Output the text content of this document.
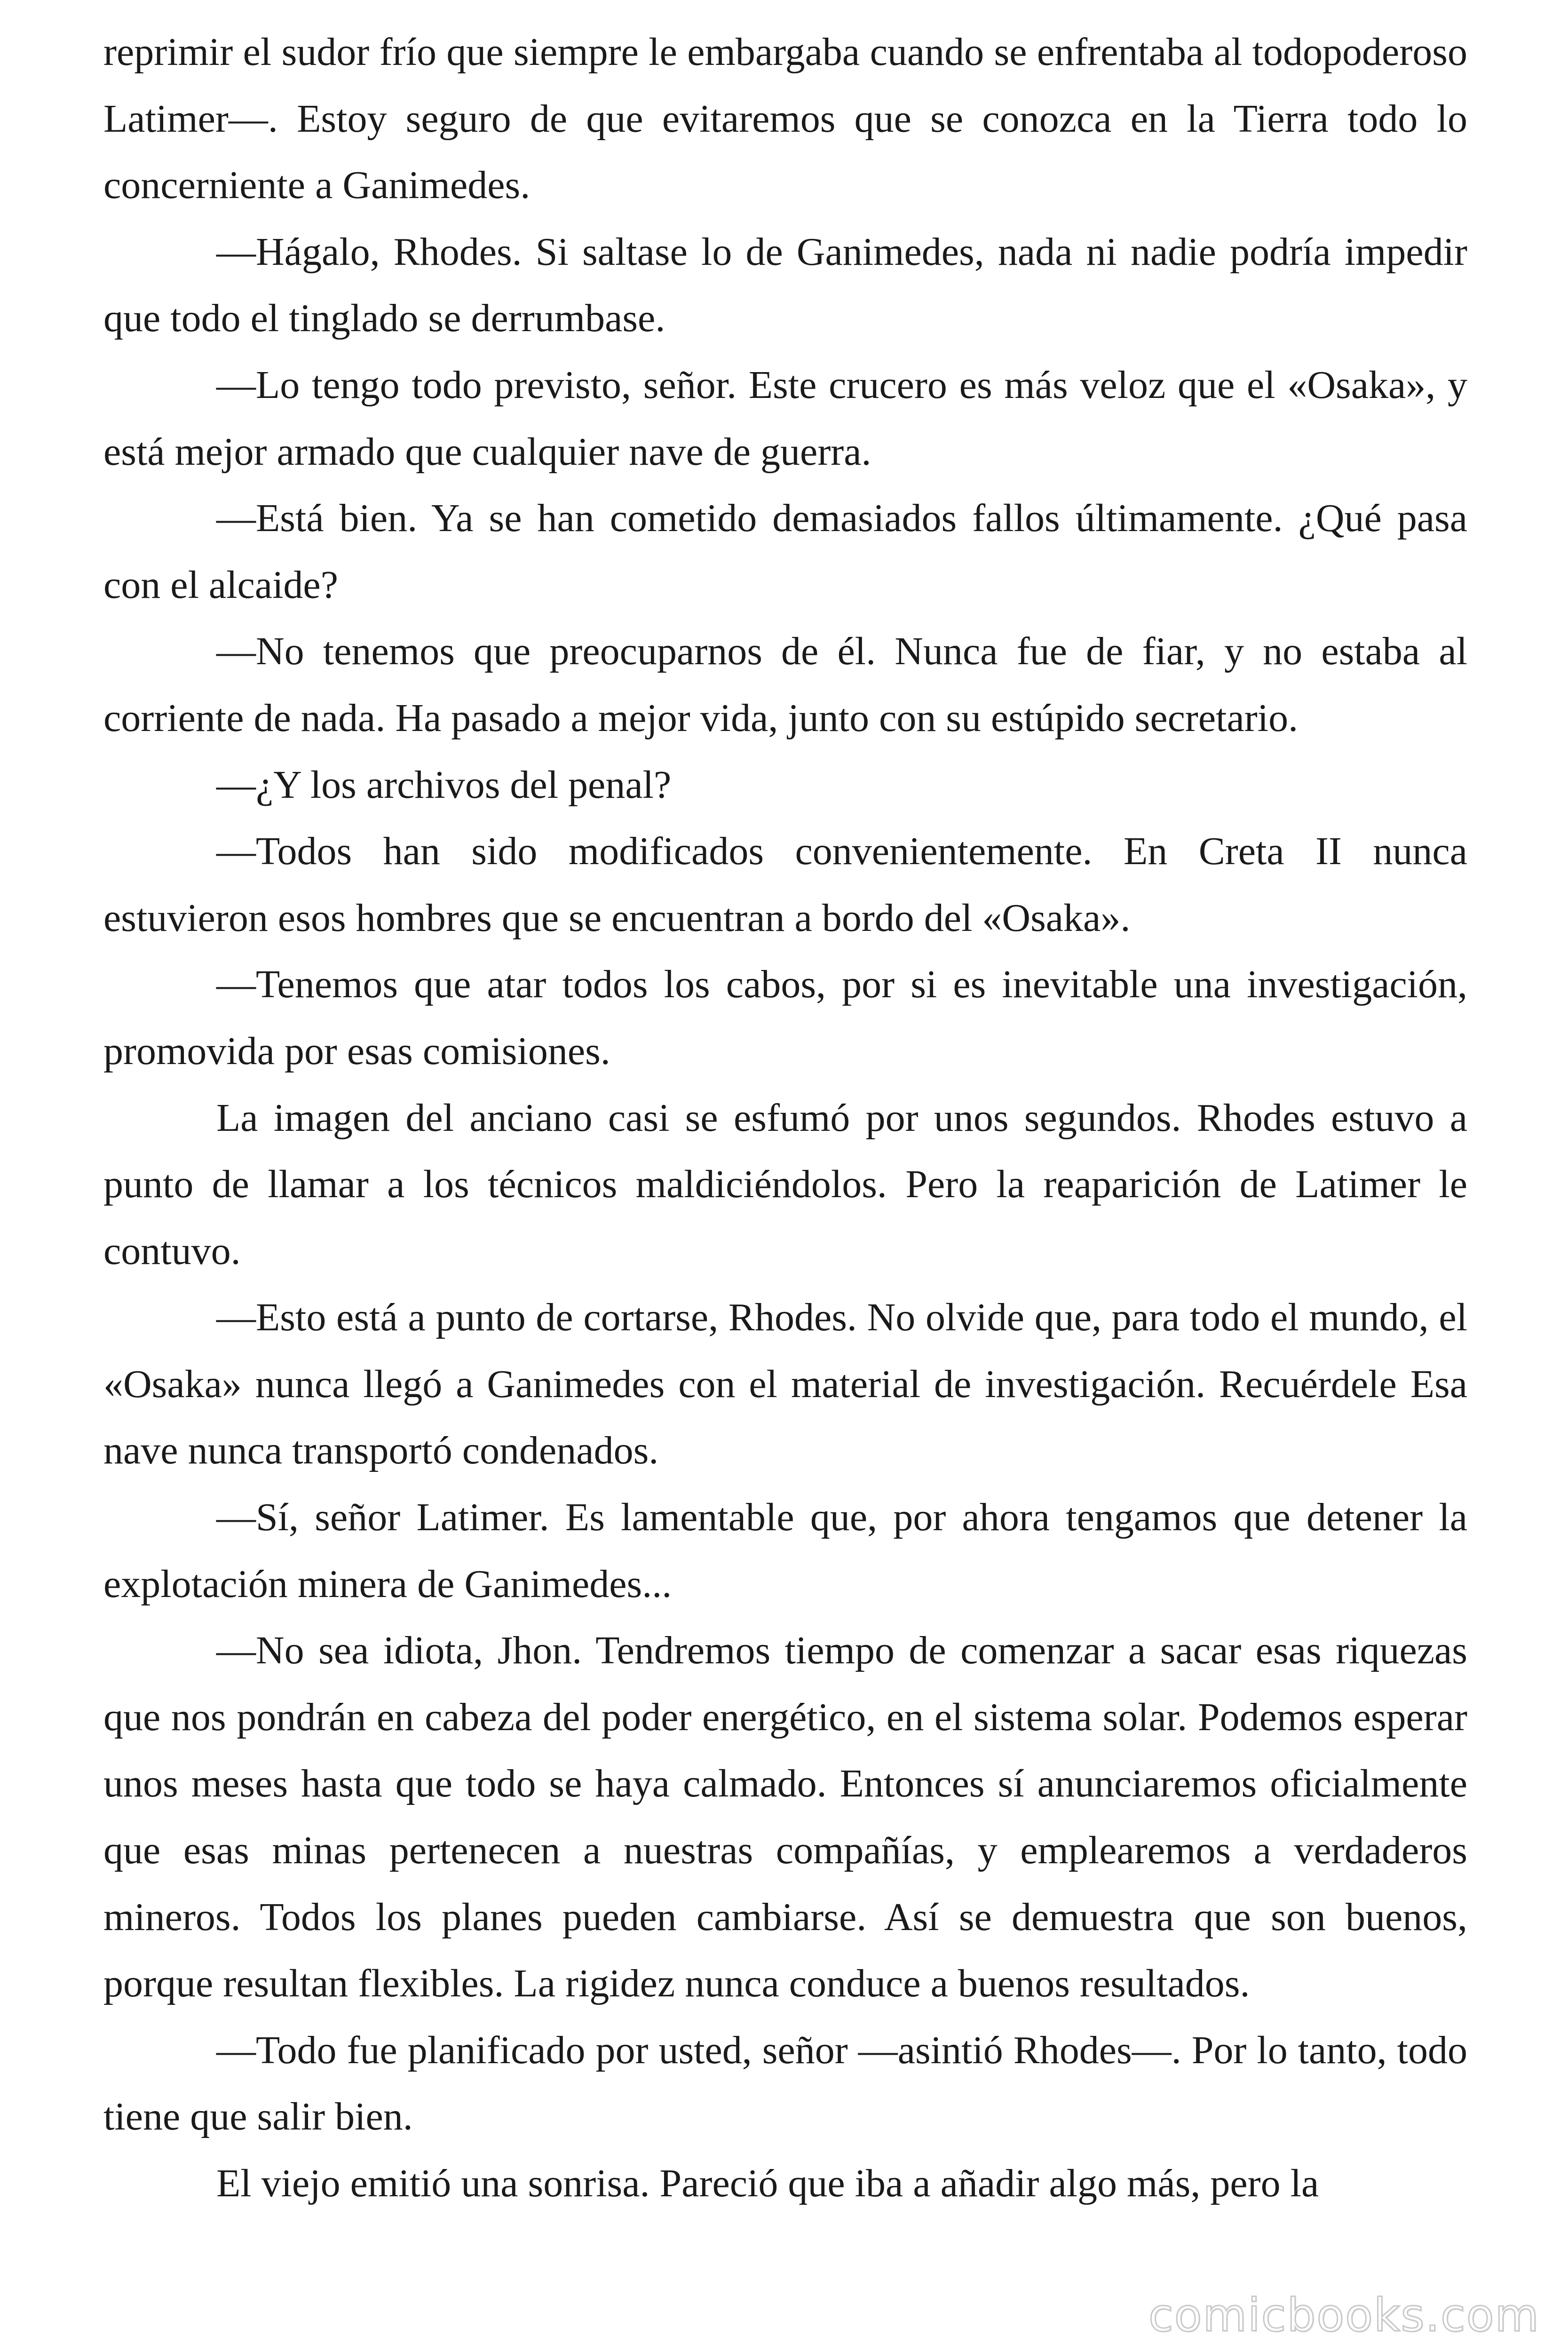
reprimir el sudor frío que siempre le embargaba cuando se enfrentaba al todopoderoso Latimer—. Estoy seguro de que evitaremos que se conozca en la Tierra todo lo concerniente a Ganimedes.

—Hágalo, Rhodes. Si saltase lo de Ganimedes, nada ni nadie podría impedir que todo el tinglado se derrumbase.

—Lo tengo todo previsto, señor. Este crucero es más veloz que el «Osaka», y está mejor armado que cualquier nave de guerra.

—Está bien. Ya se han cometido demasiados fallos últimamente. ¿Qué pasa con el alcaide?

—No tenemos que preocuparnos de él. Nunca fue de fiar, y no estaba al corriente de nada. Ha pasado a mejor vida, junto con su estúpido secretario.

—¿Y los archivos del penal?

—Todos han sido modificados convenientemente. En Creta II nunca estuvieron esos hombres que se encuentran a bordo del «Osaka».

—Tenemos que atar todos los cabos, por si es inevitable una investigación, promovida por esas comisiones.

La imagen del anciano casi se esfumó por unos segundos. Rhodes estuvo a punto de llamar a los técnicos maldiciéndolos. Pero la reaparición de Latimer le contuvo.

—Esto está a punto de cortarse, Rhodes. No olvide que, para todo el mundo, el «Osaka» nunca llegó a Ganimedes con el material de investigación. Recuérdele Esa nave nunca transportó condenados.

—Sí, señor Latimer. Es lamentable que, por ahora tengamos que detener la explotación minera de Ganimedes...

—No sea idiota, Jhon. Tendremos tiempo de comenzar a sacar esas riquezas que nos pondrán en cabeza del poder energético, en el sistema solar. Podemos esperar unos meses hasta que todo se haya calmado. Entonces sí anunciaremos oficialmente que esas minas pertenecen a nuestras compañías, y emplearemos a verdaderos mineros. Todos los planes pueden cambiarse. Así se demuestra que son buenos, porque resultan flexibles. La rigidez nunca conduce a buenos resultados.

—Todo fue planificado por usted, señor —asintió Rhodes—. Por lo tanto, todo tiene que salir bien.

El viejo emitió una sonrisa. Pareció que iba a añadir algo más, pero la

comicbooks.com
